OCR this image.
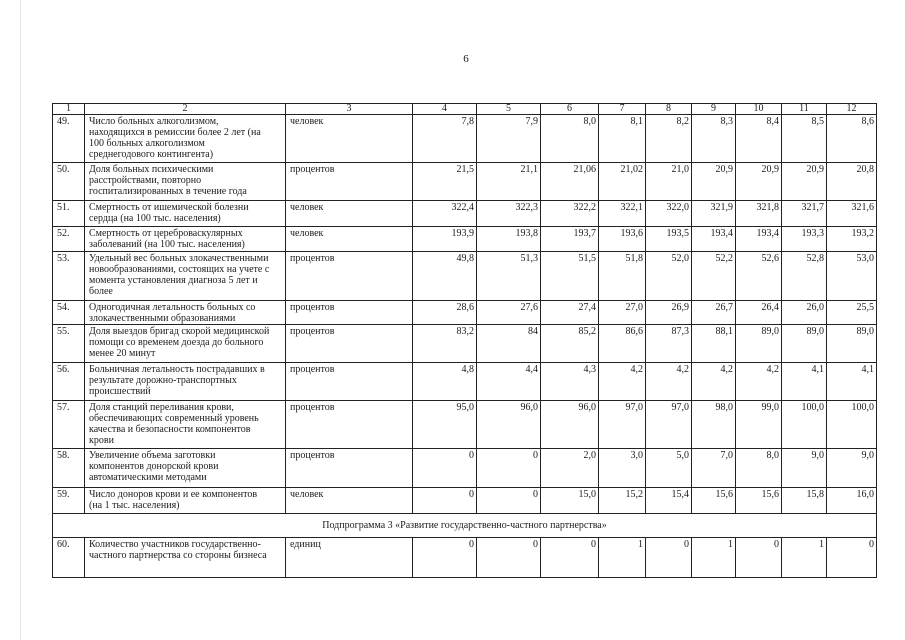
6
1	2	3	4	5	6	7	8	9	10	11	12
49.	Число больных алкоголизмом,
находящихся в ремиссии более 2 лет (на
100 больных алкоголизмом
среднегодового контингента)	человек	7,8	7,9	8,0	8,1	8,2	8,3	8,4	8,5	8,6
50.	Доля больных психическими
расстройствами, повторно
госпитализированных в течение года	процентов	21,5	21,1	21,06	21,02	21,0	20,9	20,9	20,9	20,8
51.	Смертность от ишемической болезни
сердца (на 100 тыс. населения)	человек	322,4	322,3	322,2	322,1	322,0	321,9	321,8	321,7	321,6
52.	Смертность от цереброваскулярных
заболеваний (на 100 тыс. населения)	человек	193,9	193,8	193,7	193,6	193,5	193,4	193,4	193,3	193,2
53.	Удельный вес больных злокачественными
новообразованиями, состоящих на учете с
момента установления диагноза 5 лет и
более	процентов	49,8	51,3	51,5	51,8	52,0	52,2	52,6	52,8	53,0
54.	Одногодичная летальность больных со
злокачественными образованиями	процентов	28,6	27,6	27,4	27,0	26,9	26,7	26,4	26,0	25,5
55.	Доля выездов бригад скорой медицинской
помощи со временем доезда до больного
менее 20 минут	процентов	83,2	84	85,2	86,6	87,3	88,1	89,0	89,0	89,0
56.	Больничная летальность пострадавших в
результате дорожно-транспортных
происшествий	процентов	4,8	4,4	4,3	4,2	4,2	4,2	4,2	4,1	4,1
57.	Доля станций переливания крови,
обеспечивающих современный уровень
качества и безопасности компонентов
крови	процентов	95,0	96,0	96,0	97,0	97,0	98,0	99,0	100,0	100,0
58.	Увеличение объема заготовки
компонентов донорской крови
автоматическими методами	процентов	0	0	2,0	3,0	5,0	7,0	8,0	9,0	9,0
59.	Число доноров крови и ее компонентов
(на 1 тыс. населения)	человек	0	0	15,0	15,2	15,4	15,6	15,6	15,8	16,0
Подпрограмма 3 «Развитие государственно-частного партнерства»											
60.	Количество участников государственно-
частного партнерства со стороны бизнеса	единиц	0	0	0	1	0	1	0	1	0
